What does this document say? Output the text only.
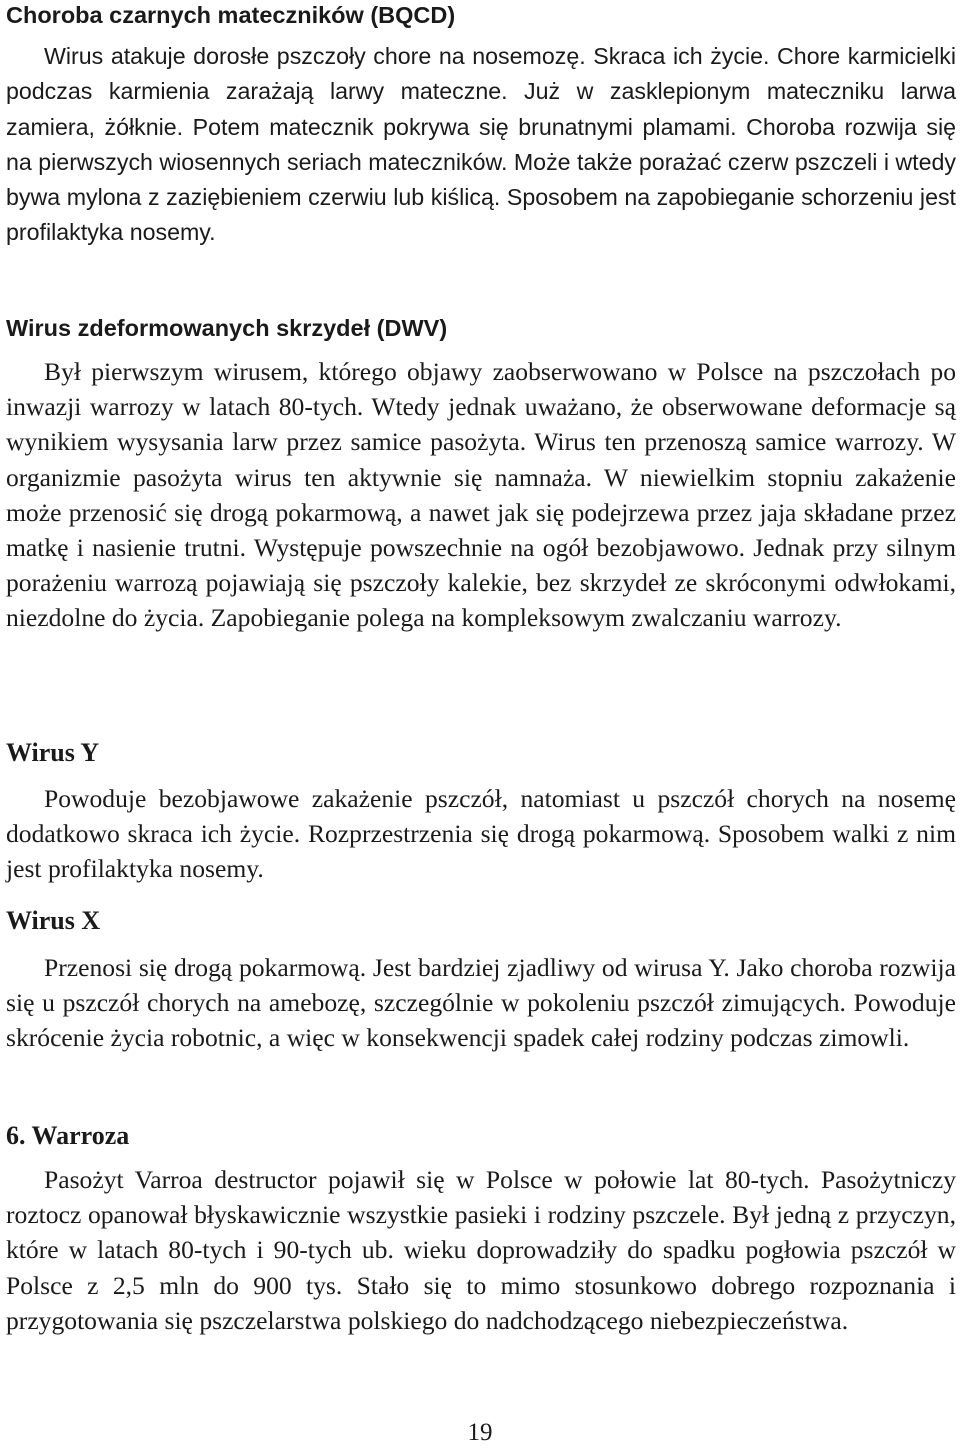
Choroba czarnych mateczników (BQCD)

Wirus atakuje dorosłe pszczoły chore na nosemozę. Skraca ich życie. Chore karmicielki podczas karmienia zarażają larwy mateczne. Już w zasklepionym mateczniku larwa zamiera, żółknie. Potem matecznik pokrywa się brunatnymi plamami. Choroba rozwija się na pierwszych wiosennych seriach mateczników. Może także porażać czerw pszczeli i wtedy bywa mylona z zaziębieniem czerwiu lub kiślicą. Sposobem na zapobieganie schorzeniu jest profilaktyka nosemy.

Wirus zdeformowanych skrzydeł (DWV)

Był pierwszym wirusem, którego objawy zaobserwowano w Polsce na pszczołach po inwazji warrozy w latach 80-tych. Wtedy jednak uważano, że obserwowane deformacje są wynikiem wysysania larw przez samice pasożyta. Wirus ten przenoszą samice warrozy. W organizmie pasożyta wirus ten aktywnie się namnaża. W niewielkim stopniu zakażenie może przenosić się drogą pokarmową, a nawet jak się podejrzewa przez jaja składane przez matkę i nasienie trutni. Występuje powszechnie na ogół bezobjawowo. Jednak przy silnym porażeniu warrozą pojawiają się pszczoły kalekie, bez skrzydeł ze skróconymi odwłokami, niezdolne do życia. Zapobieganie polega na kompleksowym zwalczaniu warrozy.

Wirus Y

Powoduje bezobjawowe zakażenie pszczół, natomiast u pszczół chorych na nosemę dodatkowo skraca ich życie. Rozprzestrzenia się drogą pokarmową. Sposobem walki z nim jest profilaktyka nosemy.

Wirus X

Przenosi się drogą pokarmową. Jest bardziej zjadliwy od wirusa Y. Jako choroba rozwija się u pszczół chorych na amebozę, szczególnie w pokoleniu pszczół zimujących. Powoduje skrócenie życia robotnic, a więc w konsekwencji spadek całej rodziny podczas zimowli.

6. Warroza

Pasożyt Varroa destructor pojawił się w Polsce w połowie lat 80-tych. Pasożytniczy roztocz opanował błyskawicznie wszystkie pasieki i rodziny pszczele. Był jedną z przyczyn, które w latach 80-tych i 90-tych ub. wieku doprowadziły do spadku pogłowia pszczół w Polsce z 2,5 mln do 900 tys. Stało się to mimo stosunkowo dobrego rozpoznania i przygotowania się pszczelarstwa polskiego do nadchodzącego niebezpieczeństwa.

19
